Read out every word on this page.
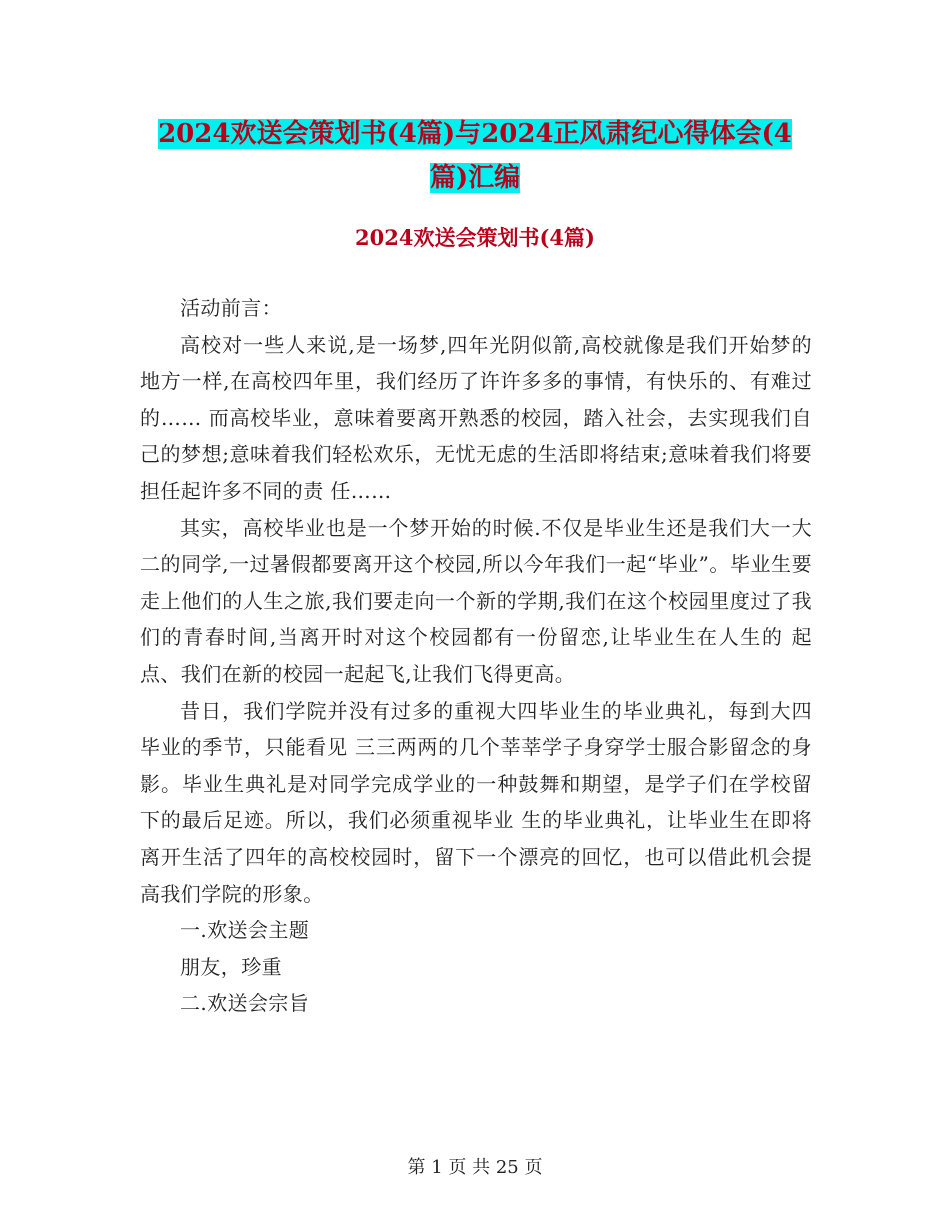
2024欢送会策划书(4篇)与2024正风肃纪心得体会(4篇)汇编
2024欢送会策划书(4篇)

活动前言：

高校对一些人来说,是一场梦,四年光阴似箭,高校就像是我们开始梦的地方一样,在高校四年里，我们经历了许许多多的事情，有快乐的、有难过的…… 而高校毕业，意味着要离开熟悉的校园，踏入社会，去实现我们自己的梦想;意味着我们轻松欢乐，无忧无虑的生活即将结束;意味着我们将要担任起许多不同的责 任……

其实，高校毕业也是一个梦开始的时候.不仅是毕业生还是我们大一大二的同学,一过暑假都要离开这个校园,所以今年我们一起“毕业”。毕业生要走上他们的人生之旅,我们要走向一个新的学期,我们在这个校园里度过了我们的青春时间,当离开时对这个校园都有一份留恋,让毕业生在人生的 起点、我们在新的校园一起起飞,让我们飞得更高。

昔日，我们学院并没有过多的重视大四毕业生的毕业典礼，每到大四毕业的季节，只能看见 三三两两的几个莘莘学子身穿学士服合影留念的身影。毕业生典礼是对同学完成学业的一种鼓舞和期望，是学子们在学校留下的最后足迹。所以，我们必须重视毕业 生的毕业典礼，让毕业生在即将离开生活了四年的高校校园时，留下一个漂亮的回忆，也可以借此机会提高我们学院的形象。

一.欢送会主题

朋友，珍重

二.欢送会宗旨

第 1 页 共 25 页
